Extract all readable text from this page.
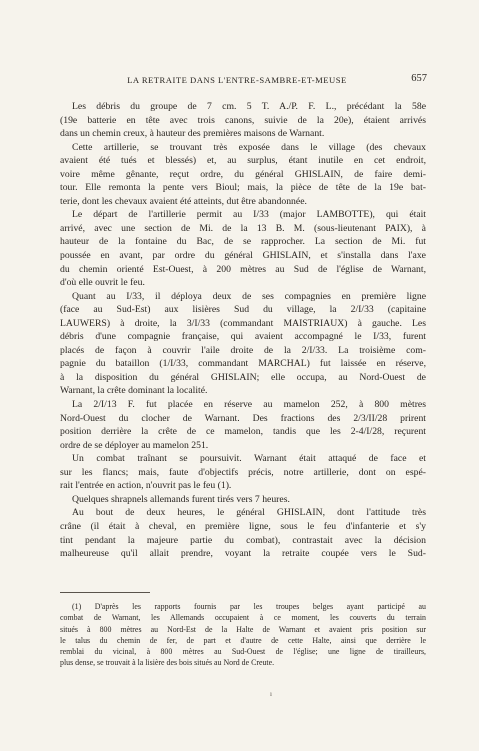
LA RETRAITE DANS L'ENTRE-SAMBRE-ET-MEUSE	657

Les débris du groupe de 7 cm. 5 T. A./P. F. L., précédant la 58e
(19e batterie en tête avec trois canons, suivie de la 20e), étaient arrivés
dans un chemin creux, à hauteur des premières maisons de Warnant.
Cette artillerie, se trouvant très exposée dans le village (des chevaux
avaient été tués et blessés) et, au surplus, étant inutile en cet endroit,
voire même gênante, reçut ordre, du général GHISLAIN, de faire demi-
tour. Elle remonta la pente vers Bioul; mais, la pièce de tête de la 19e bat-
terie, dont les chevaux avaient été atteints, dut être abandonnée.
Le départ de l'artillerie permit au I/33 (major LAMBOTTE), qui était
arrivé, avec une section de Mi. de la 13 B. M. (sous-lieutenant PAIX), à
hauteur de la fontaine du Bac, de se rapprocher. La section de Mi. fut
poussée en avant, par ordre du général GHISLAIN, et s'installa dans l'axe
du chemin orienté Est-Ouest, à 200 mètres au Sud de l'église de Warnant,
d'où elle ouvrit le feu.
Quant au I/33, il déploya deux de ses compagnies en première ligne
(face au Sud-Est) aux lisières Sud du village, la 2/I/33 (capitaine
LAUWERS) à droite, la 3/I/33 (commandant MAISTRIAUX) à gauche. Les
débris d'une compagnie française, qui avaient accompagné le I/33, furent
placés de façon à couvrir l'aile droite de la 2/I/33. La troisième com-
pagnie du bataillon (1/I/33, commandant MARCHAL) fut laissée en réserve,
à la disposition du général GHISLAIN; elle occupa, au Nord-Ouest de
Warnant, la crête dominant la localité.
La 2/I/13 F. fut placée en réserve au mamelon 252, à 800 mètres
Nord-Ouest du clocher de Warnant. Des fractions des 2/3/II/28 prirent
position derrière la crête de ce mamelon, tandis que les 2-4/I/28, reçurent
ordre de se déployer au mamelon 251.
Un combat traînant se poursuivit. Warnant était attaqué de face et
sur les flancs; mais, faute d'objectifs précis, notre artillerie, dont on espé-
rait l'entrée en action, n'ouvrit pas le feu (1).
Quelques shrapnels allemands furent tirés vers 7 heures.
Au bout de deux heures, le général GHISLAIN, dont l'attitude très
crâne (il était à cheval, en première ligne, sous le feu d'infanterie et s'y
tint pendant la majeure partie du combat), contrastait avec la décision
malheureuse qu'il allait prendre, voyant la retraite coupée vers le Sud-

(1) D'après les rapports fournis par les troupes belges ayant participé au
combat de Warnant, les Allemands occupaient à ce moment, les couverts du terrain
situés à 800 mètres au Nord-Est de la Halte de Warnant et avaient pris position sur
le talus du chemin de fer, de part et d'autre de cette Halte, ainsi que derrière le
remblai du vicinal, à 800 mètres au Sud-Ouest de l'église; une ligne de tirailleurs,
plus dense, se trouvait à la lisière des bois situés au Nord de Creute.
ı
